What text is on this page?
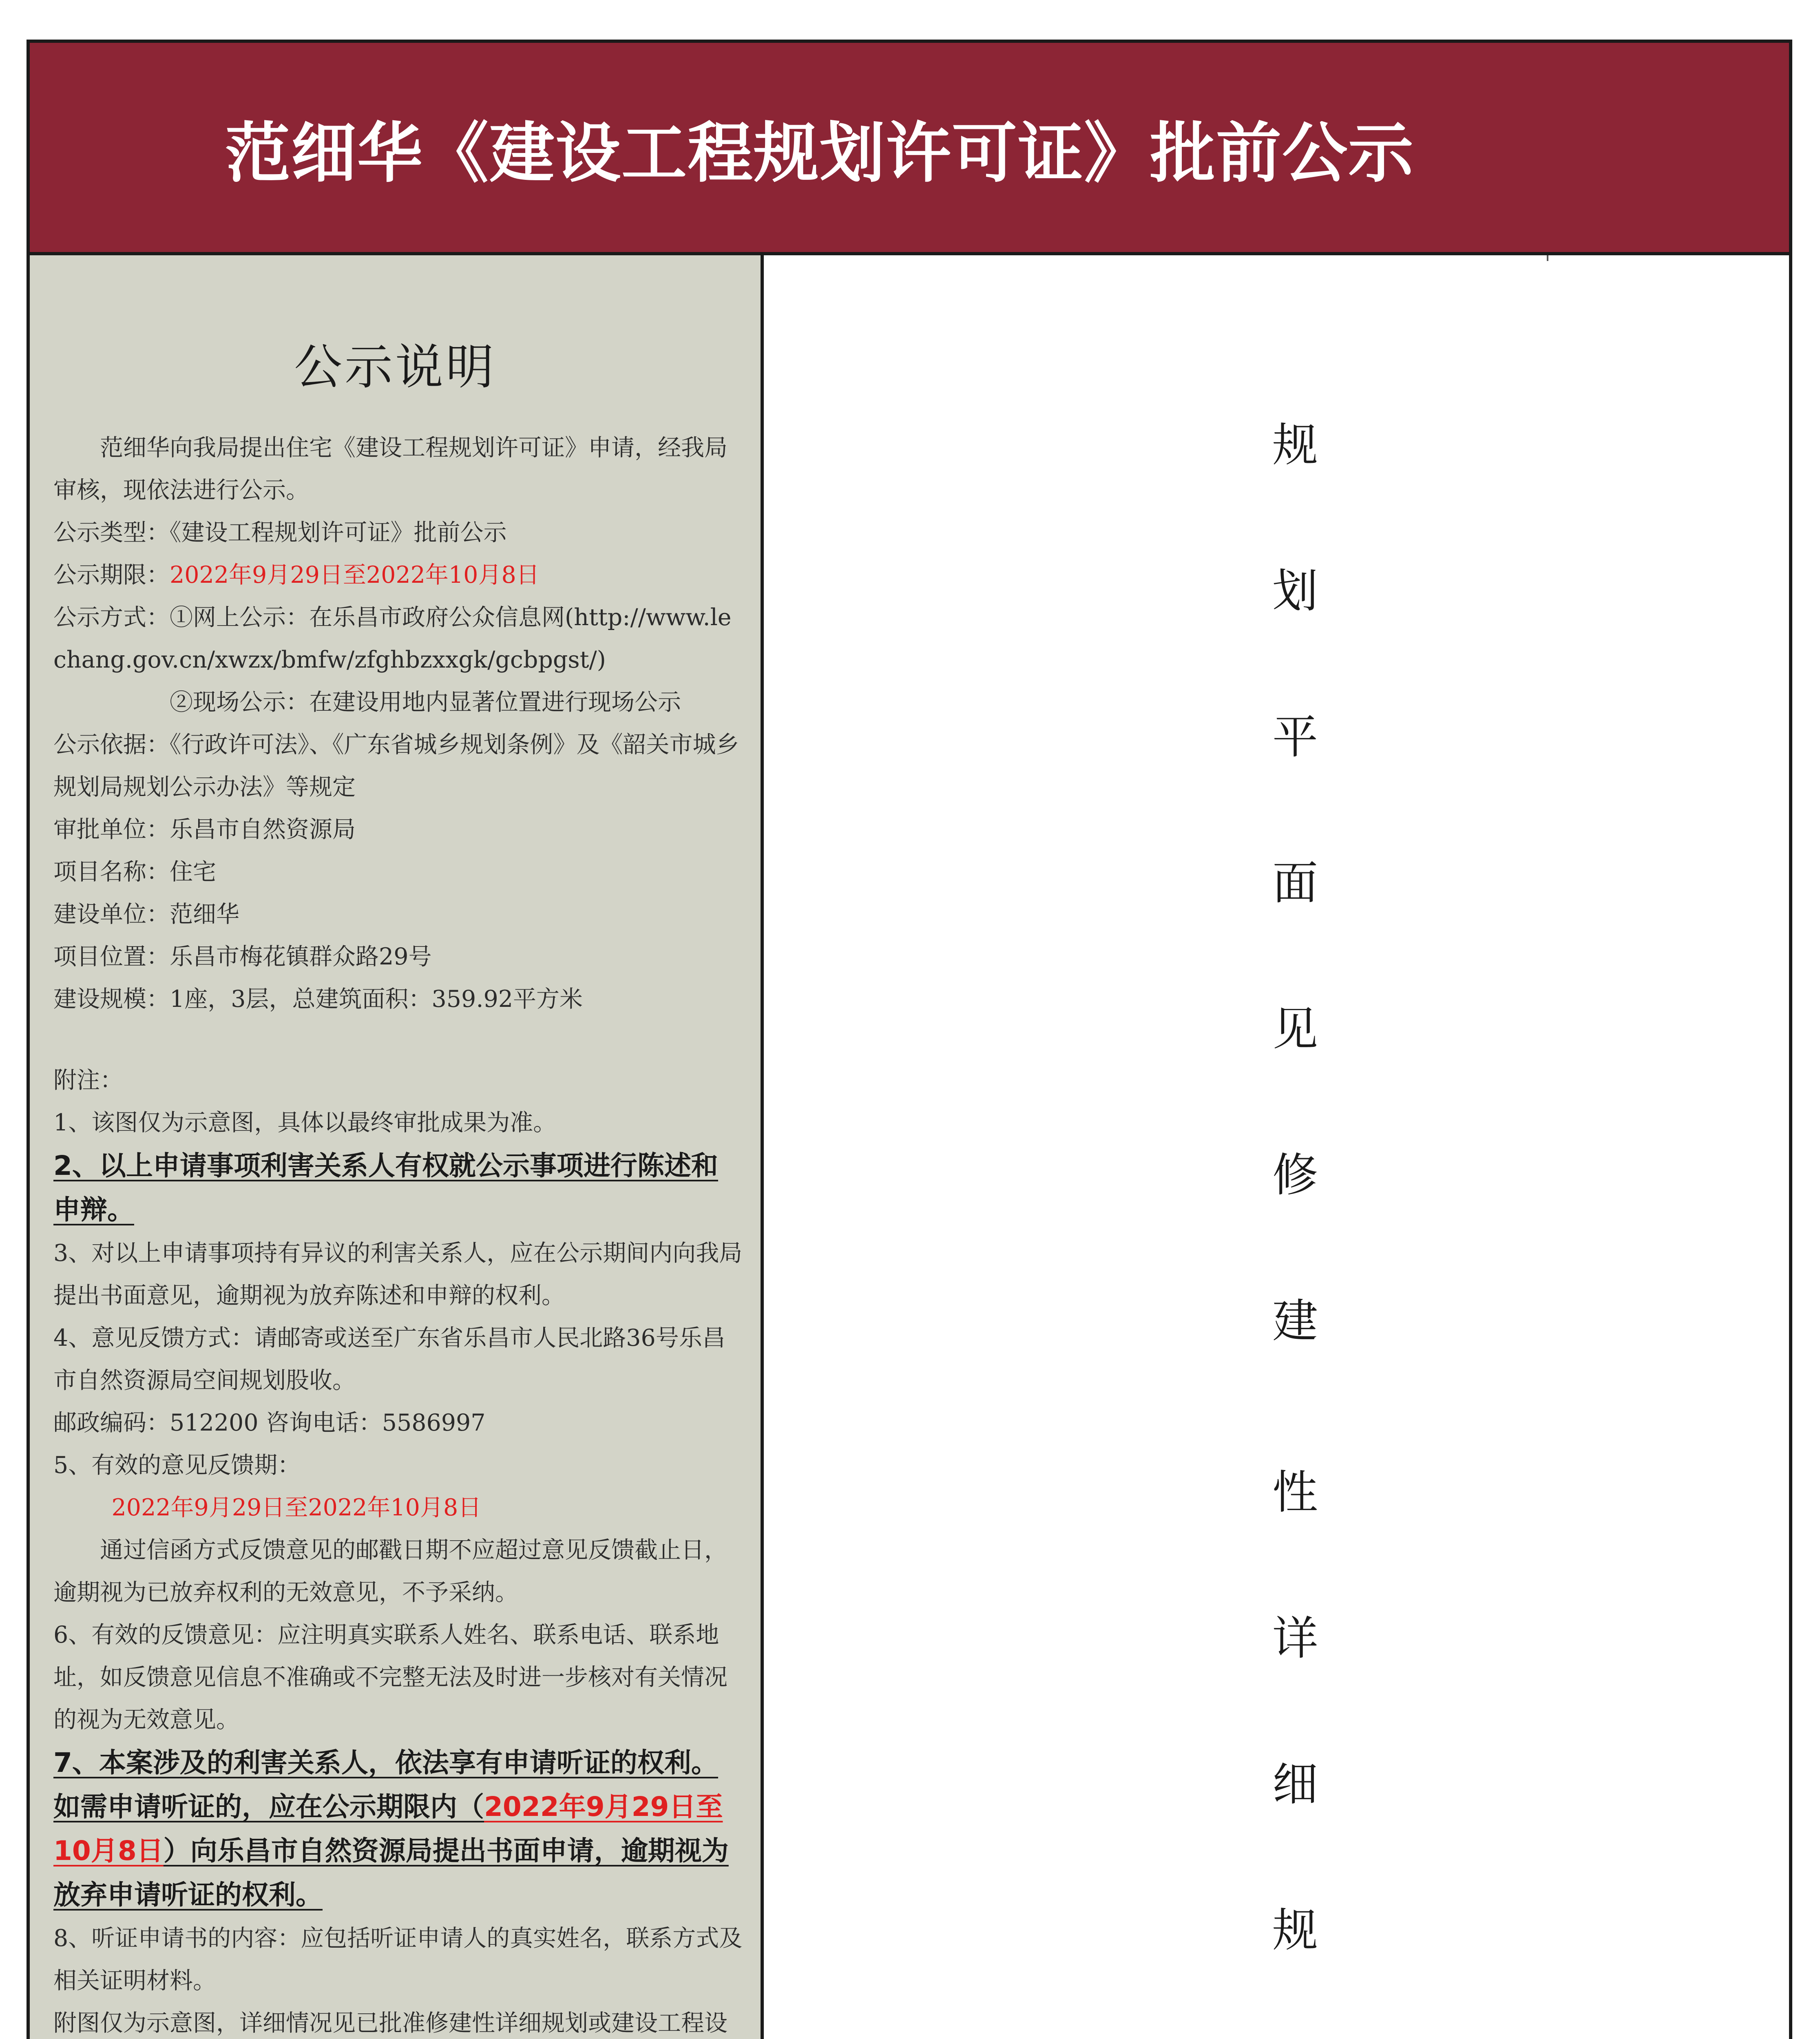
范细华《建设工程规划许可证》批前公示
公示说明

范细华向我局提出住宅《建设工程规划许可证》申请，经我局审核，现依法进行公示。

公示类型：《建设工程规划许可证》批前公示

公示期限：2022年9月29日至2022年10月8日

公示方式：①网上公示：在乐昌市政府公众信息网(http://www.lechang.gov.cn/xwzx/bmfw/zfghbzxxgk/gcbpgst/)

②现场公示：在建设用地内显著位置进行现场公示

公示依据：《行政许可法》、《广东省城乡规划条例》及《韶关市城乡规划局规划公示办法》等规定

审批单位：乐昌市自然资源局

项目名称：住宅

建设单位：范细华

项目位置：乐昌市梅花镇群众路29号

建设规模：1座，3层，总建筑面积：359.92平方米

附注：

1、该图仅为示意图，具体以最终审批成果为准。

2、以上申请事项利害关系人有权就公示事项进行陈述和申辩。

3、对以上申请事项持有异议的利害关系人，应在公示期间内向我局提出书面意见，逾期视为放弃陈述和申辩的权利。

4、意见反馈方式：请邮寄或送至广东省乐昌市人民北路36号乐昌市自然资源局空间规划股收。

邮政编码：512200 咨询电话：5586997

5、有效的意见反馈期：

2022年9月29日至2022年10月8日

通过信函方式反馈意见的邮戳日期不应超过意见反馈截止日，逾期视为已放弃权利的无效意见，不予采纳。

6、有效的反馈意见：应注明真实联系人姓名、联系电话、联系地址，如反馈意见信息不准确或不完整无法及时进一步核对有关情况的视为无效意见。

7、本案涉及的利害关系人，依法享有申请听证的权利。如需申请听证的，应在公示期限内（2022年9月29日至10月8日）向乐昌市自然资源局提出书面申请，逾期视为放弃申请听证的权利。

8、听证申请书的内容：应包括听证申请人的真实姓名，联系方式及相关证明材料。

附图仅为示意图，详细情况见已批准修建性详细规划或建设工程设

规
划
平
面
见
修
建
性
详
细
规
